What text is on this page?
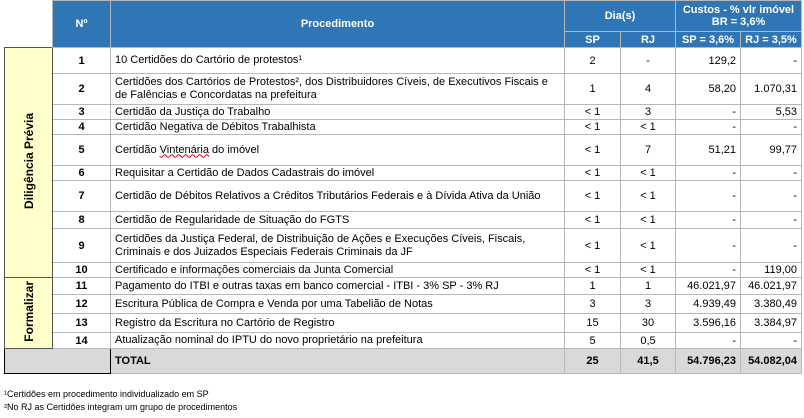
	Nº	Procedimento	Dia(s)		Custos - % vlr imóvel BR = 3,6%	
			SP	RJ	SP = 3,6%	RJ = 3,5%
Diligência Prévia	1	10 Certidões do Cartório de protestos¹	2	-	129,2	-
	2	Certidões dos Cartórios de Protestos², dos Distribuidores Cíveis, de Executivos Fiscais e de Falências e Concordatas na prefeitura	1	4	58,20	1.070,31
	3	Certidão da Justiça do Trabalho	< 1	3	-	5,53
	4	Certidão Negativa de Débitos Trabalhista	< 1	< 1	-	-
	5	Certidão Vintenária do imóvel	< 1	7	51,21	99,77
	6	Requisitar a Certidão de Dados Cadastrais do imóvel	< 1	< 1	-	-
	7	Certidão de Débitos Relativos a Créditos Tributários Federais e à Dívida Ativa da União	< 1	< 1	-	-
	8	Certidão de Regularidade de Situação do FGTS	< 1	< 1	-	-
	9	Certidões da Justiça Federal, de Distribuição de Ações e Execuções Cíveis, Fiscais, Criminais e dos Juizados Especiais Federais Criminais da JF	< 1	< 1	-	-
	10	Certificado e informações comerciais da Junta Comercial	< 1	< 1	-	119,00
Formalizar	11	Pagamento do ITBI e outras taxas em banco comercial - ITBI - 3% SP - 3% RJ	1	1	46.021,97	46.021,97
	12	Escritura Pública de Compra e Venda por uma Tabelião de Notas	3	3	4.939,49	3.380,49
	13	Registro da Escritura no Cartório de Registro	15	30	3.596,16	3.384,97
	14	Atualização nominal do IPTU do novo proprietário na prefeitura	5	0,5	-	-
		TOTAL	25	41,5	54.796,23	54.082,04
¹Certidões em procedimento individualizado em SP
²No RJ as Certidões integram um grupo de procedimentos
